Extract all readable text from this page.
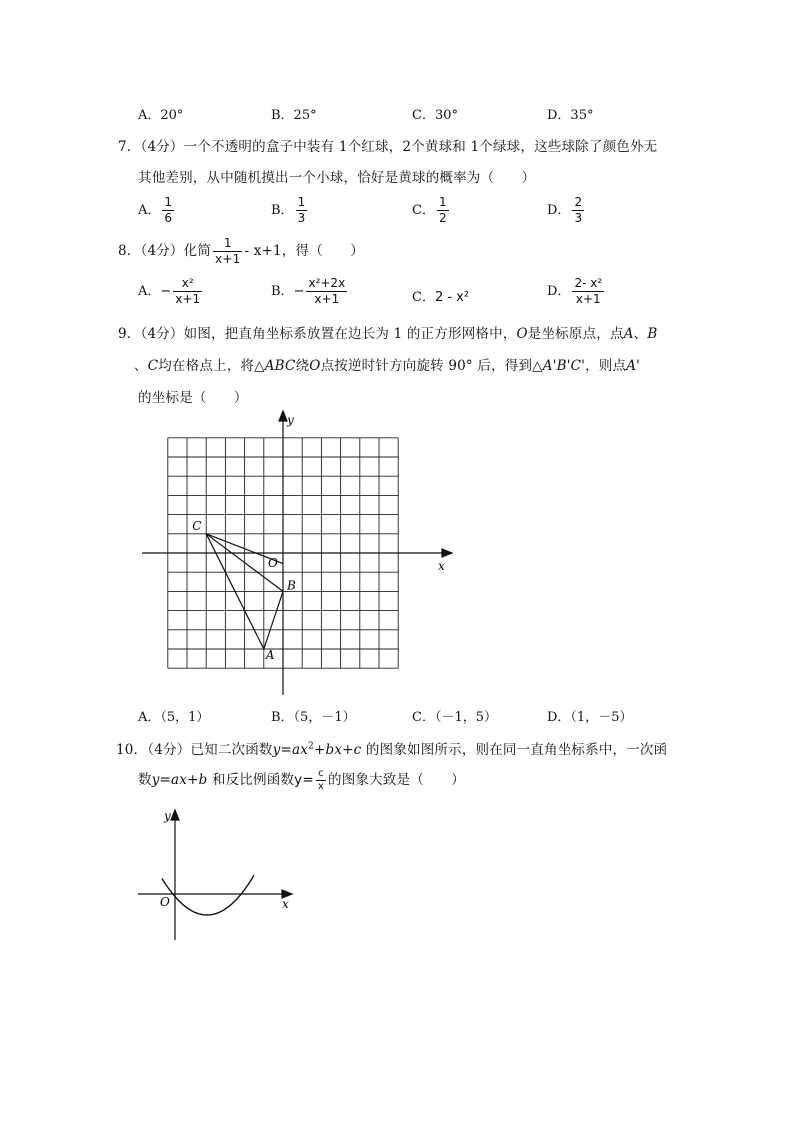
A．20°	B．25°	C．30°	D．35°
7．（4分）一个不透明的盒子中装有 1个红球，2个黄球和 1个绿球，这些球除了颜色外无
其他差别，从中随机摸出一个小球，恰好是黄球的概率为（　　）
A． $\frac{1}{6}$	B． $\frac{1}{3}$	C． $\frac{1}{2}$	D． $\frac{2}{3}$
8．（4分）化简 $\frac{1}{x+1} - x+1$，得（　　）
A．− $\frac{\text{x²}}{x+1}$	B．− $\frac{\text{x²+2x}}{x+1}$	C．2 - x²	D． $\frac{\text{2- x²}}{x+1}$
9．（4分）如图，把直角坐标系放置在边长为 1 的正方形网格中，O是坐标原点，点A、B
、C均在格点上，将△ABC绕O点按逆时针方向旋转 90° 后，得到△A'B'C'，则点A'
的坐标是（　　）
x
y
O
A
B
C
A．（5，1）	B．（5，－1）	C．（－1，5）	D．（1，－5）
10．（4分）已知二次函数$y=ax^2+bx+c$ 的图象如图所示，则在同一直角坐标系中，一次函
数y=ax+b 和反比例函数$y= \frac{c}{x}$ 的图象大致是（　　）
x
y
O
